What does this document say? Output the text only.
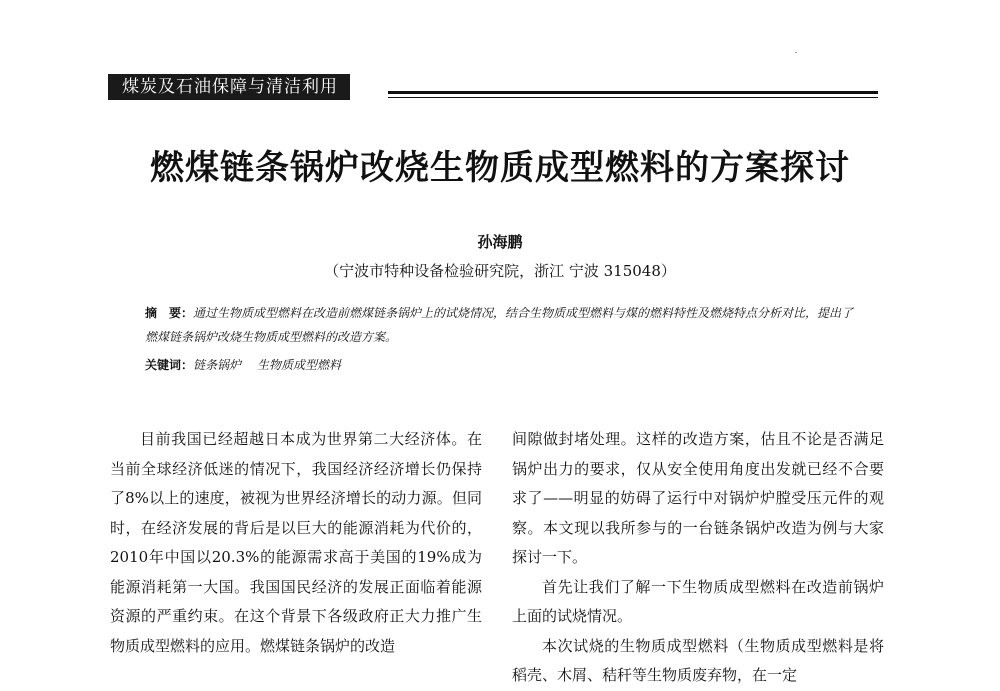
煤炭及石油保障与清洁利用
燃煤链条锅炉改烧生物质成型燃料的方案探讨
孙海鹏
（宁波市特种设备检验研究院，浙江 宁波 315048）
摘　要：通过生物质成型燃料在改造前燃煤链条锅炉上的试烧情况，结合生物质成型燃料与煤的燃料特性及燃烧特点分析对比，提出了燃煤链条锅炉改烧生物质成型燃料的改造方案。
关键词：链条锅炉 生物质成型燃料

目前我国已经超越日本成为世界第二大经济体。在当前全球经济低迷的情况下，我国经济经济增长仍保持了8%以上的速度，被视为世界经济增长的动力源。但同时，在经济发展的背后是以巨大的能源消耗为代价的，2010年中国以20.3%的能源需求高于美国的19%成为能源消耗第一大国。我国国民经济的发展正面临着能源资源的严重约束。在这个背景下各级政府正大力推广生物质成型燃料的应用。燃煤链条锅炉的改造

间隙做封堵处理。这样的改造方案，估且不论是否满足锅炉出力的要求，仅从安全使用角度出发就已经不合要求了——明显的妨碍了运行中对锅炉炉膛受压元件的观察。本文现以我所参与的一台链条锅炉改造为例与大家探讨一下。

首先让我们了解一下生物质成型燃料在改造前锅炉上面的试烧情况。

本次试烧的生物质成型燃料（生物质成型燃料是将稻壳、木屑、秸秆等生物质废弃物，在一定
